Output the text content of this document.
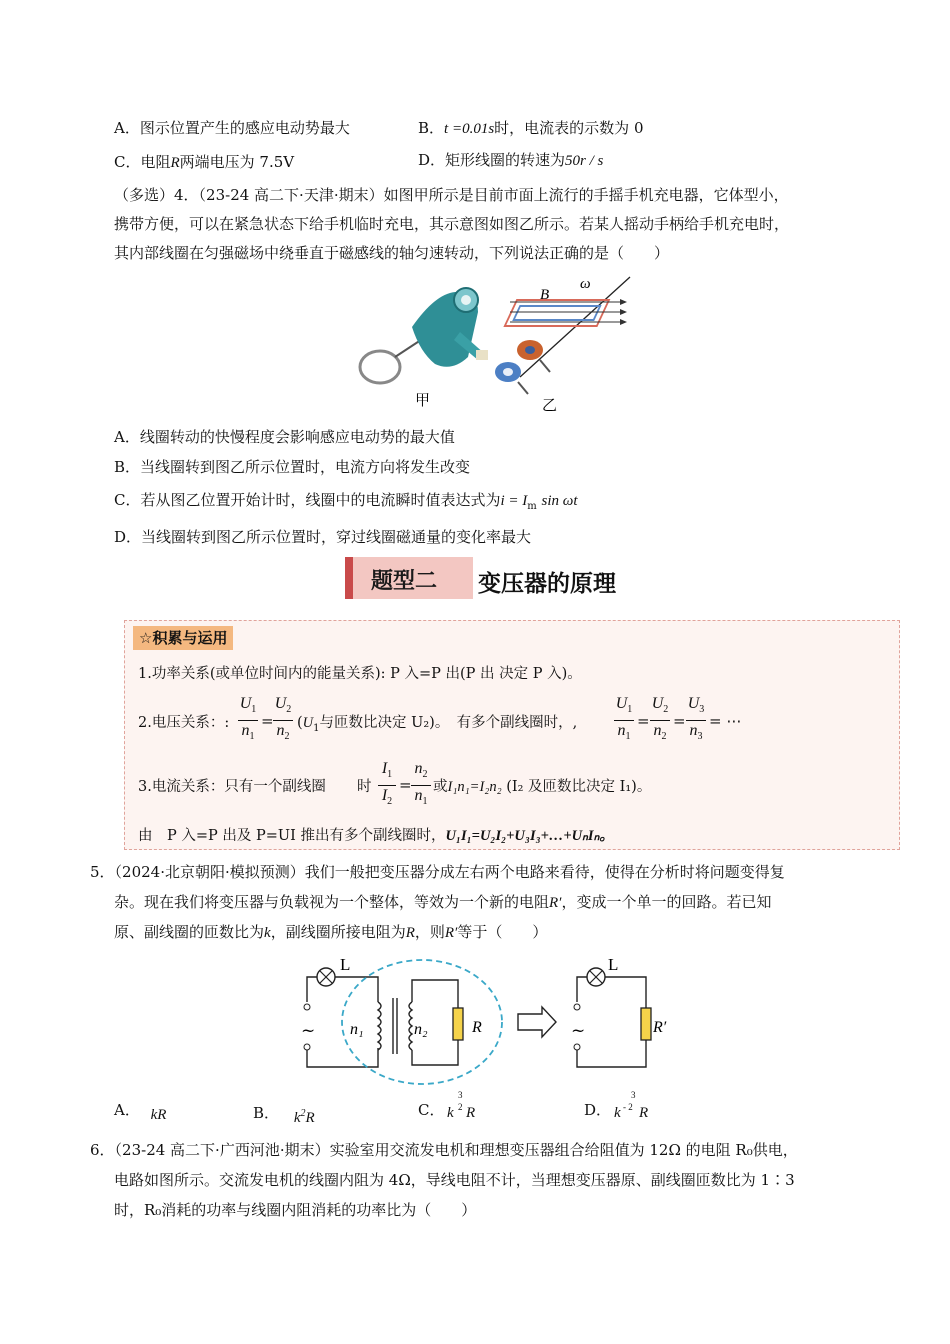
A．图示位置产生的感应电动势最大	B．t =0.01s时，电流表的示数为 0
C．电阻R两端电压为 7.5V	D．矩形线圈的转速为50r / s
（多选）4．（23-24 高二下·天津·期末）如图甲所示是目前市面上流行的手摇手机充电器，它体型小，
携带方便，可以在紧急状态下给手机临时充电，其示意图如图乙所示。若某人摇动手柄给手机充电时，
其内部线圈在匀强磁场中绕垂直于磁感线的轴匀速转动，下列说法正确的是（　　）
甲
B
ω
乙
A．线圈转动的快慢程度会影响感应电动势的最大值
B．当线圈转到图乙所示位置时，电流方向将发生改变
C．若从图乙位置开始计时，线圈中的电流瞬时值表达式为$i = I_m$ sin ωt
D．当线圈转到图乙所示位置时，穿过线圈磁通量的变化率最大
题型二 变压器的原理
☆积累与运用
1.功率关系(或单位时间内的能量关系): P 入=P 出(P 出 决定 P 入)。
2.电压关系：:
$U_1$
$n_1$
=
$U_2$
$n_2$
($U_1$与匝数比决定 U₂)。　有多个副线圈时，,
$U_1$
$n_1$
=
$U_2$
$n_2$
=
$U_3$
$n_3$
= ⋯
3.电流关系：只有一个副线圈 时
$I_1$
$I_2$
=
$n_2$
$n_1$
或I₁n₁=I₂n₂ (I₂ 及匝数比决定 I₁)。
由　P 入=P 出及 P=UI 推出有多个副线圈时，U₁I₁=U₂I₂+U₃I₃+…+UₙIₙ。
5．（2024·北京朝阳·模拟预测）我们一般把变压器分成左右两个电路来看待，使得在分析时将问题变得复
杂。现在我们将变压器与负载视为一个整体，等效为一个新的电阻R′，变成一个单一的回路。若已知
原、副线圈的匝数比为k，副线圈所接电阻为R，则R′等于（　　）
L
~ n₁	n₂	R
L
~	R′
A． kR	B． $k^2R$	C． k
3
2 R	D． k
3
- 2 R
6．（23-24 高二下·广西河池·期末）实验室用交流发电机和理想变压器组合给阻值为 12Ω 的电阻 R₀供电，
电路如图所示。交流发电机的线圈内阻为 4Ω，导线电阻不计，当理想变压器原、副线圈匝数比为 1∶3
时，R₀消耗的功率与线圈内阻消耗的功率比为（　　）
